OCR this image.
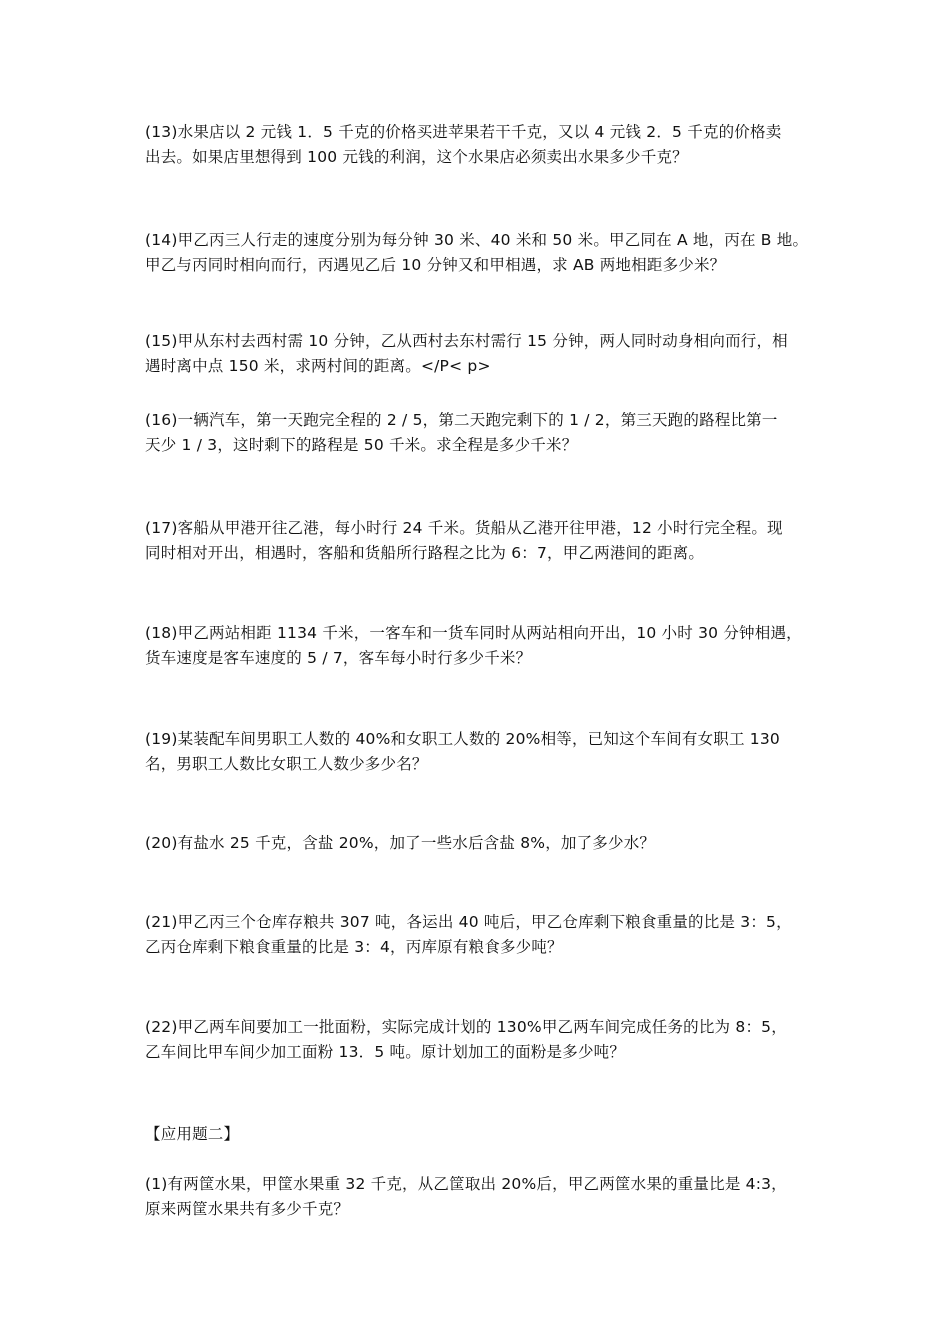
(13)水果店以 2 元钱 1．5 千克的价格买进苹果若干千克，又以 4 元钱 2．5 千克的价格卖
出去。如果店里想得到 100 元钱的利润，这个水果店必须卖出水果多少千克？

(14)甲乙丙三人行走的速度分别为每分钟 30 米、40 米和 50 米。甲乙同在 A 地，丙在 B 地。
甲乙与丙同时相向而行，丙遇见乙后 10 分钟又和甲相遇，求 AB 两地相距多少米？

(15)甲从东村去西村需 10 分钟，乙从西村去东村需行 15 分钟，两人同时动身相向而行，相
遇时离中点 150 米，求两村间的距离。</P< p>

(16)一辆汽车，第一天跑完全程的 2 / 5，第二天跑完剩下的 1 / 2，第三天跑的路程比第一
天少 1 / 3，这时剩下的路程是 50 千米。求全程是多少千米？

(17)客船从甲港开往乙港，每小时行 24 千米。货船从乙港开往甲港，12 小时行完全程。现
同时相对开出，相遇时，客船和货船所行路程之比为 6：7，甲乙两港间的距离。

(18)甲乙两站相距 1134 千米，一客车和一货车同时从两站相向开出，10 小时 30 分钟相遇，
货车速度是客车速度的 5 / 7，客车每小时行多少千米？

(19)某装配车间男职工人数的 40%和女职工人数的 20%相等，已知这个车间有女职工 130
名，男职工人数比女职工人数少多少名？

(20)有盐水 25 千克，含盐 20%，加了一些水后含盐 8%，加了多少水？

(21)甲乙丙三个仓库存粮共 307 吨，各运出 40 吨后，甲乙仓库剩下粮食重量的比是 3：5，
乙丙仓库剩下粮食重量的比是 3：4，丙库原有粮食多少吨？

(22)甲乙两车间要加工一批面粉，实际完成计划的 130%甲乙两车间完成任务的比为 8：5，
乙车间比甲车间少加工面粉 13．5 吨。原计划加工的面粉是多少吨？

【应用题二】

(1)有两筐水果，甲筐水果重 32 千克，从乙筐取出 20%后，甲乙两筐水果的重量比是 4:3，
原来两筐水果共有多少千克？
